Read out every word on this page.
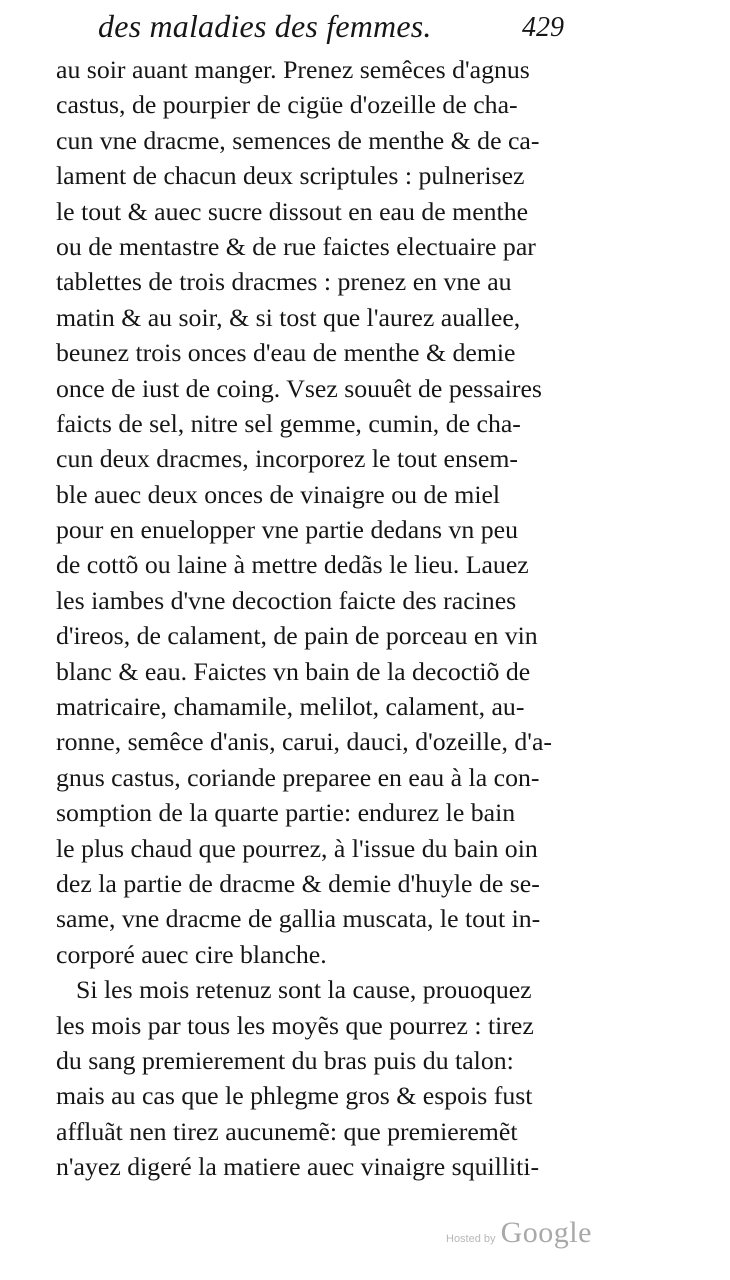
des maladies des femmes.	429
au soir auant manger. Prenez semêces d'agnus
castus, de pourpier de cigüe d'ozeille de cha-
cun vne dracme, semences de menthe & de ca-
lament de chacun deux scriptules : pulnerisez
le tout & auec sucre dissout en eau de menthe
ou de mentastre & de rue faictes electuaire par
tablettes de trois dracmes : prenez en vne au
matin & au soir, & si tost que l'aurez auallee,
beunez trois onces d'eau de menthe & demie
once de iust de coing. Vsez souuêt de pessaires
faicts de sel, nitre sel gemme, cumin, de cha-
cun deux dracmes, incorporez le tout ensem-
ble auec deux onces de vinaigre ou de miel
pour en enuelopper vne partie dedans vn peu
de cottõ ou laine à mettre dedãs le lieu. Lauez
les iambes d'vne decoction faicte des racines
d'ireos, de calament, de pain de porceau en vin
blanc & eau. Faictes vn bain de la decoctiõ de
matricaire, chamamile, melilot, calament, au-
ronne, semêce d'anis, carui, dauci, d'ozeille, d'a-
gnus castus, coriande preparee en eau à la con-
somption de la quarte partie: endurez le bain
le plus chaud que pourrez, à l'issue du bain oin
dez la partie de dracme & demie d'huyle de se-
same, vne dracme de gallia muscata, le tout in-
corporé auec cire blanche.
Si les mois retenuz sont la cause, prouoquez
les mois par tous les moyẽs que pourrez : tirez
du sang premierement du bras puis du talon:
mais au cas que le phlegme gros & espois fust
affluãt nen tirez aucunemẽ: que premieremẽt
n'ayez digeré la matiere auec vinaigre squilliti-
Hosted by Google
